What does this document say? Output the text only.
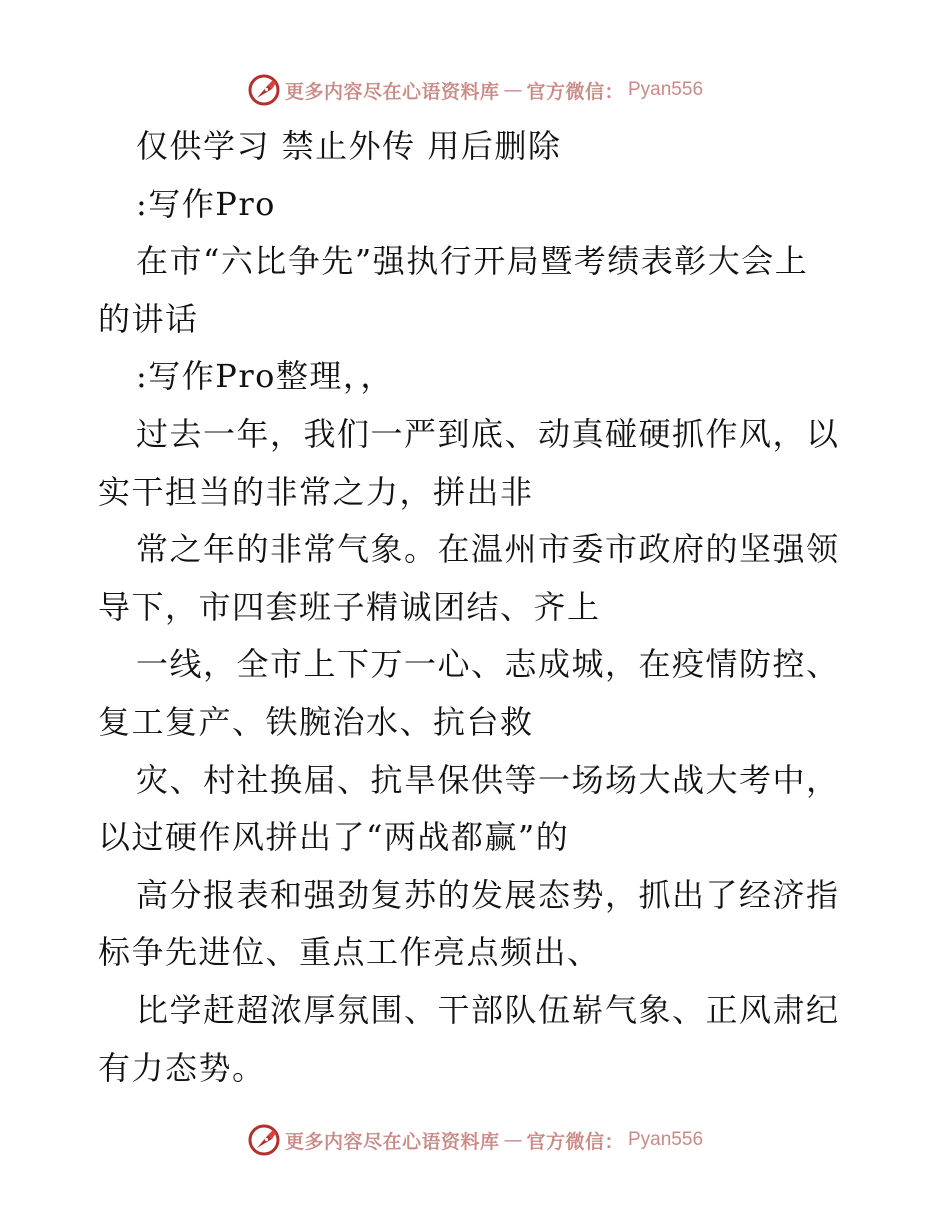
更多内容尽在心语资料库 — 官方微信： Pyan556
仅供学习 禁止外传 用后删除
:写作Pro
在市“六比争先”强执行开局暨考绩表彰大会上
的讲话
:写作Pro整理，，
过去一年，我们一严到底、动真碰硬抓作风，以
实干担当的非常之力，拼出非
常之年的非常气象。在温州市委市政府的坚强领
导下，市四套班子精诚团结、齐上
一线，全市上下万一心、志成城，在疫情防控、
复工复产、铁腕治水、抗台救
灾、村社换届、抗旱保供等一场场大战大考中，
以过硬作风拼出了“两战都赢”的
高分报表和强劲复苏的发展态势，抓出了经济指
标争先进位、重点工作亮点频出、
比学赶超浓厚氛围、干部队伍崭气象、正风肃纪
有力态势。
更多内容尽在心语资料库 — 官方微信： Pyan556
